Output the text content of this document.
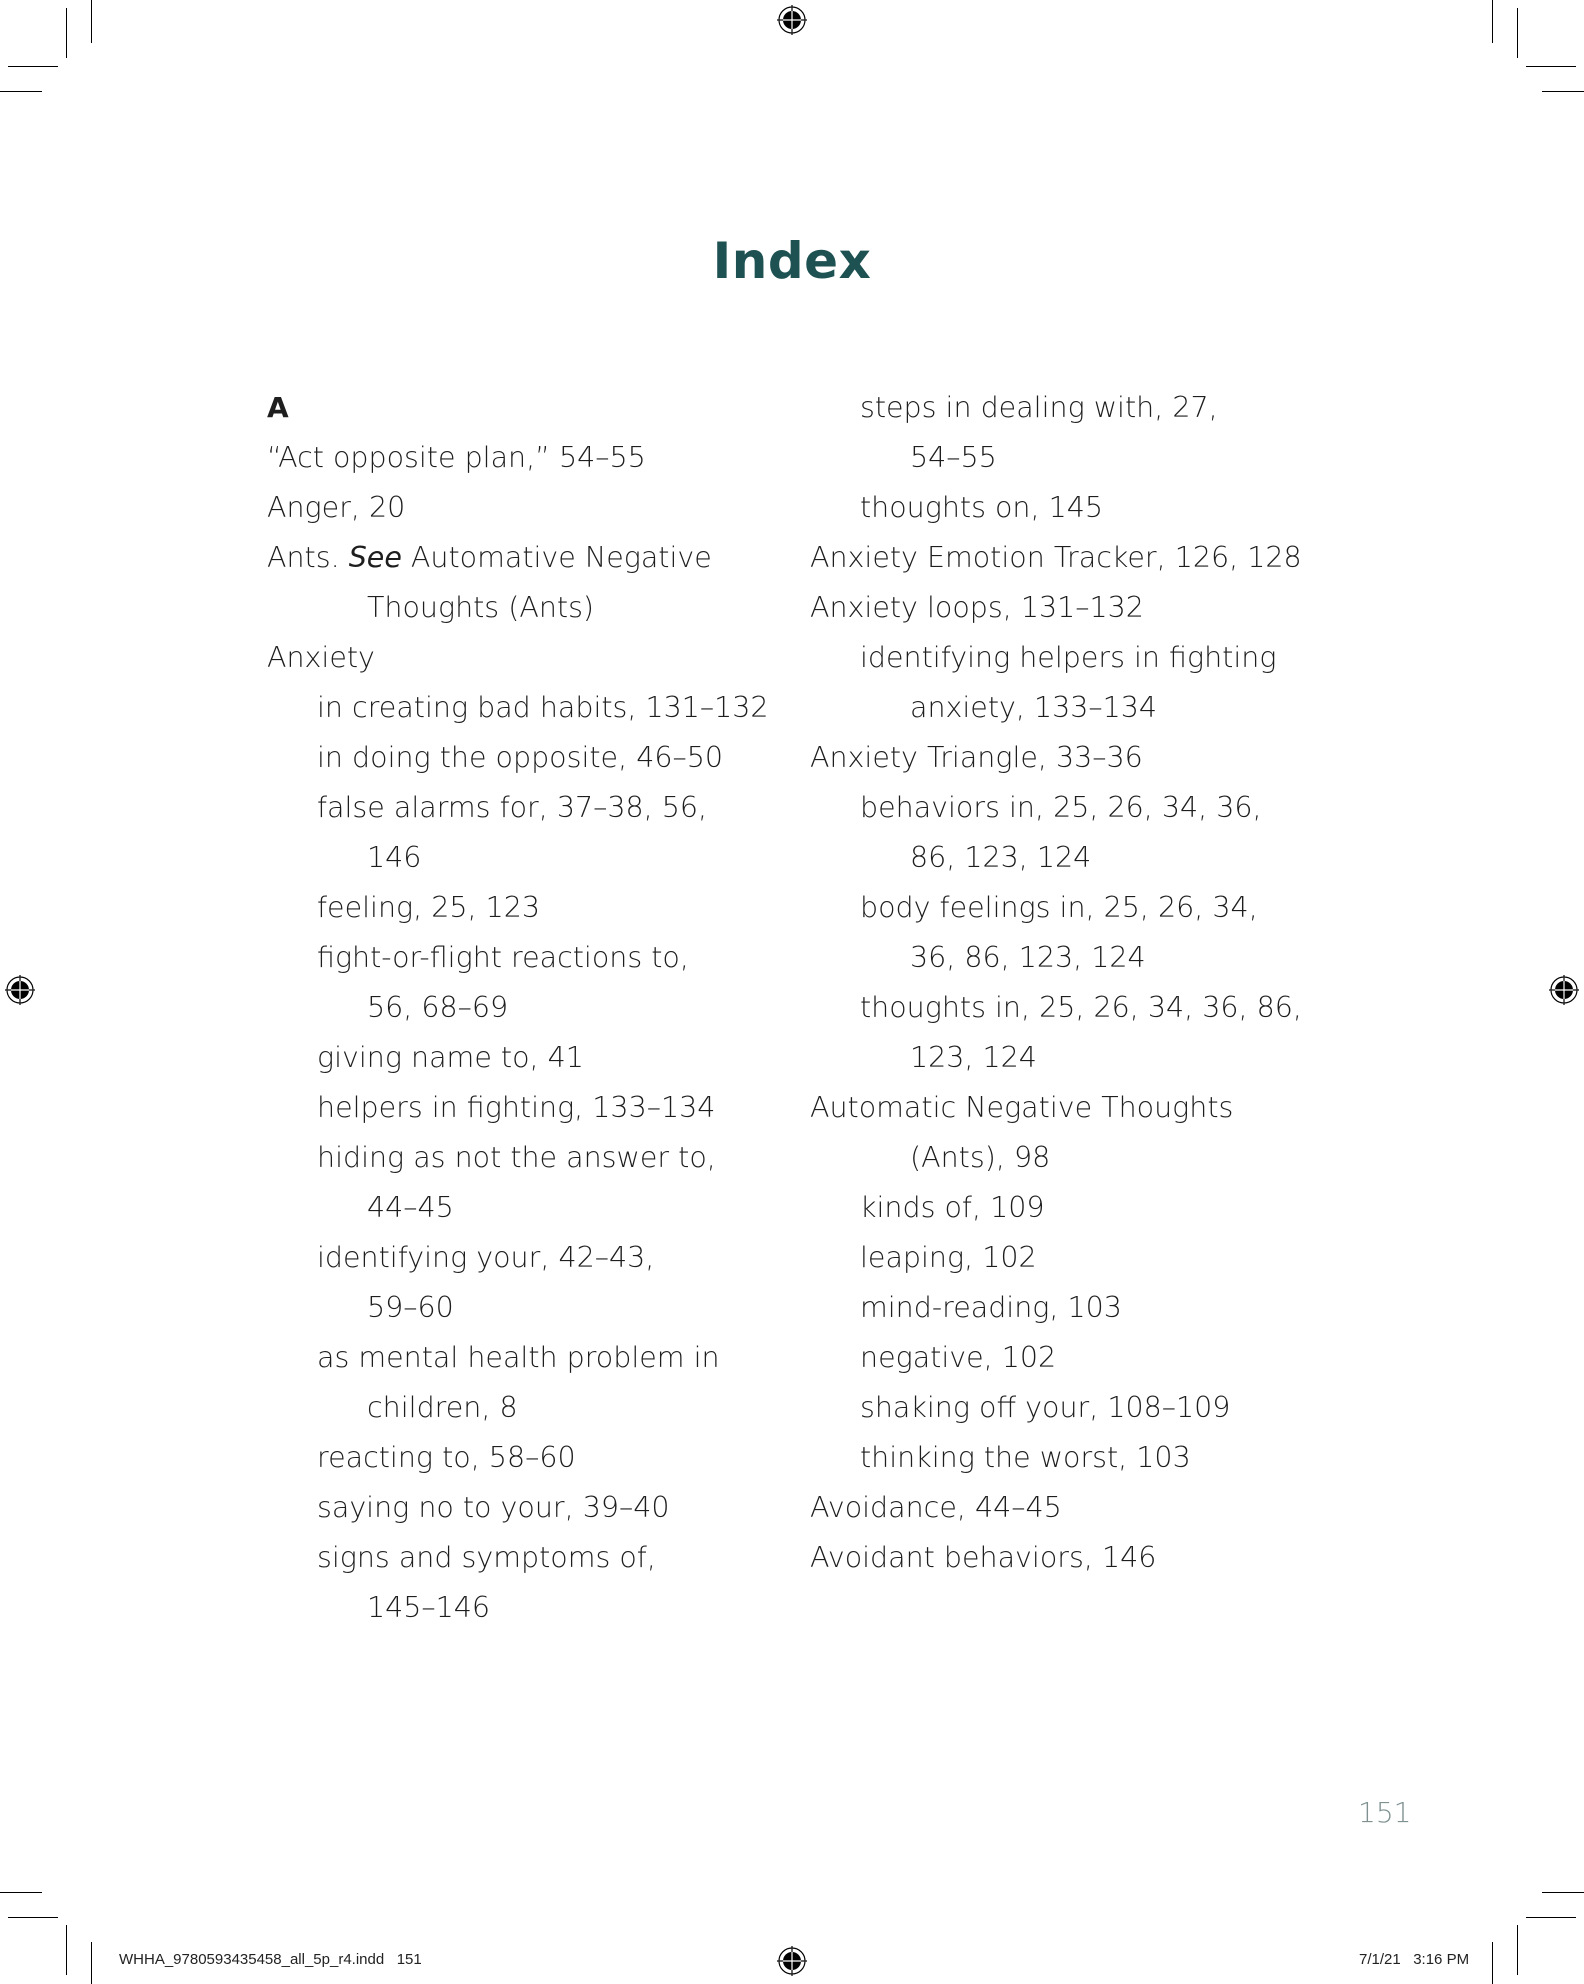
Index
A
“Act opposite plan,” 54–55
Anger, 20
Ants. See Automative Negative
Thoughts (Ants)
Anxiety
in creating bad habits, 131–132
in doing the opposite, 46–50
false alarms for, 37–38, 56,
146
feeling, 25, 123
fight-or-flight reactions to,
56, 68–69
giving name to, 41
helpers in fighting, 133–134
hiding as not the answer to,
44–45
identifying your, 42–43,
59–60
as mental health problem in
children, 8
reacting to, 58–60
saying no to your, 39–40
signs and symptoms of,
145–146
steps in dealing with, 27,
54–55
thoughts on, 145
Anxiety Emotion Tracker, 126, 128
Anxiety loops, 131–132
identifying helpers in fighting
anxiety, 133–134
Anxiety Triangle, 33–36
behaviors in, 25, 26, 34, 36,
86, 123, 124
body feelings in, 25, 26, 34,
36, 86, 123, 124
thoughts in, 25, 26, 34, 36, 86,
123, 124
Automatic Negative Thoughts
(Ants), 98
kinds of, 109
leaping, 102
mind-reading, 103
negative, 102
shaking off your, 108–109
thinking the worst, 103
Avoidance, 44–45
Avoidant behaviors, 146
151
WHHA_9780593435458_all_5p_r4.indd   151	7/1/21   3:16 PM
